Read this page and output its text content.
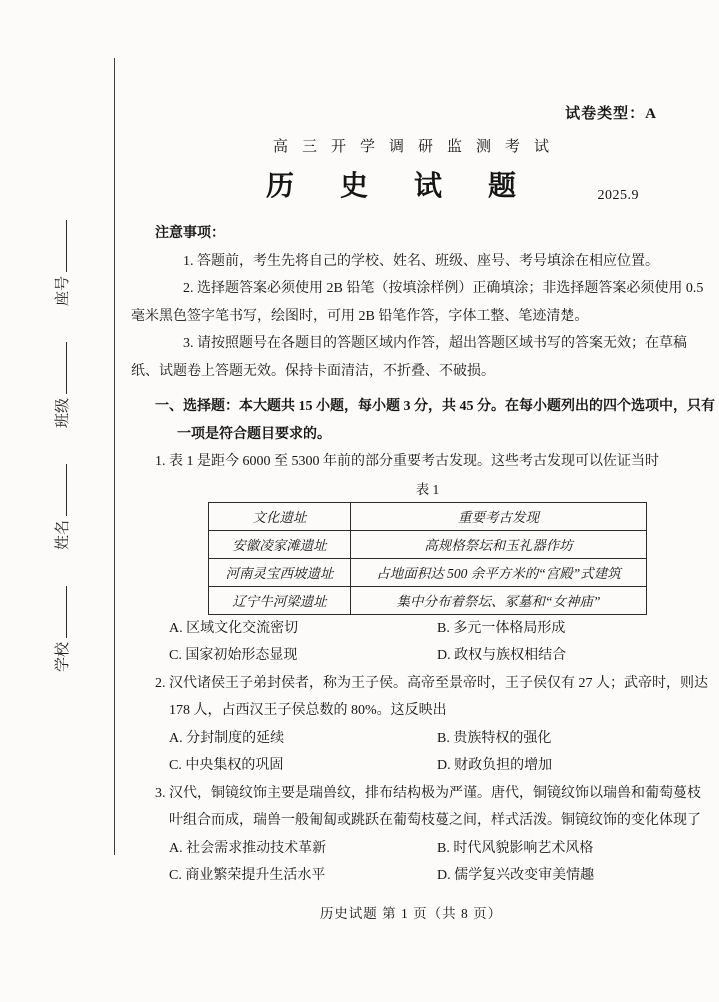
学校
姓名
班级
座号
试卷类型：A
高三开学调研监测考试
历史试题	2025.9
注意事项：
1. 答题前，考生先将自己的学校、姓名、班级、座号、考号填涂在相应位置。
2. 选择题答案必须使用 2B 铅笔（按填涂样例）正确填涂；非选择题答案必须使用 0.5
毫米黑色签字笔书写，绘图时，可用 2B 铅笔作答，字体工整、笔迹清楚。
3. 请按照题号在各题目的答题区域内作答，超出答题区域书写的答案无效；在草稿
纸、试题卷上答题无效。保持卡面清洁，不折叠、不破损。
一、选择题：本大题共 15 小题，每小题 3 分，共 45 分。在每小题列出的四个选项中，只有
一项是符合题目要求的。
1. 表 1 是距今 6000 至 5300 年前的部分重要考古发现。这些考古发现可以佐证当时
表 1
文化遗址	重要考古发现
安徽凌家滩遗址	高规格祭坛和玉礼器作坊
河南灵宝西坡遗址	占地面积达 500 余平方米的“宫殿”式建筑
辽宁牛河梁遗址	集中分布着祭坛、冢墓和“女神庙”
A. 区域文化交流密切	B. 多元一体格局形成
C. 国家初始形态显现	D. 政权与族权相结合
2. 汉代诸侯王子弟封侯者，称为王子侯。高帝至景帝时，王子侯仅有 27 人；武帝时，则达
178 人，占西汉王子侯总数的 80%。这反映出
A. 分封制度的延续	B. 贵族特权的强化
C. 中央集权的巩固	D. 财政负担的增加
3. 汉代，铜镜纹饰主要是瑞兽纹，排布结构极为严谨。唐代，铜镜纹饰以瑞兽和葡萄蔓枝
叶组合而成，瑞兽一般匍匐或跳跃在葡萄枝蔓之间，样式活泼。铜镜纹饰的变化体现了
A. 社会需求推动技术革新	B. 时代风貌影响艺术风格
C. 商业繁荣提升生活水平	D. 儒学复兴改变审美情趣
历史试题 第 1 页（共 8 页）
